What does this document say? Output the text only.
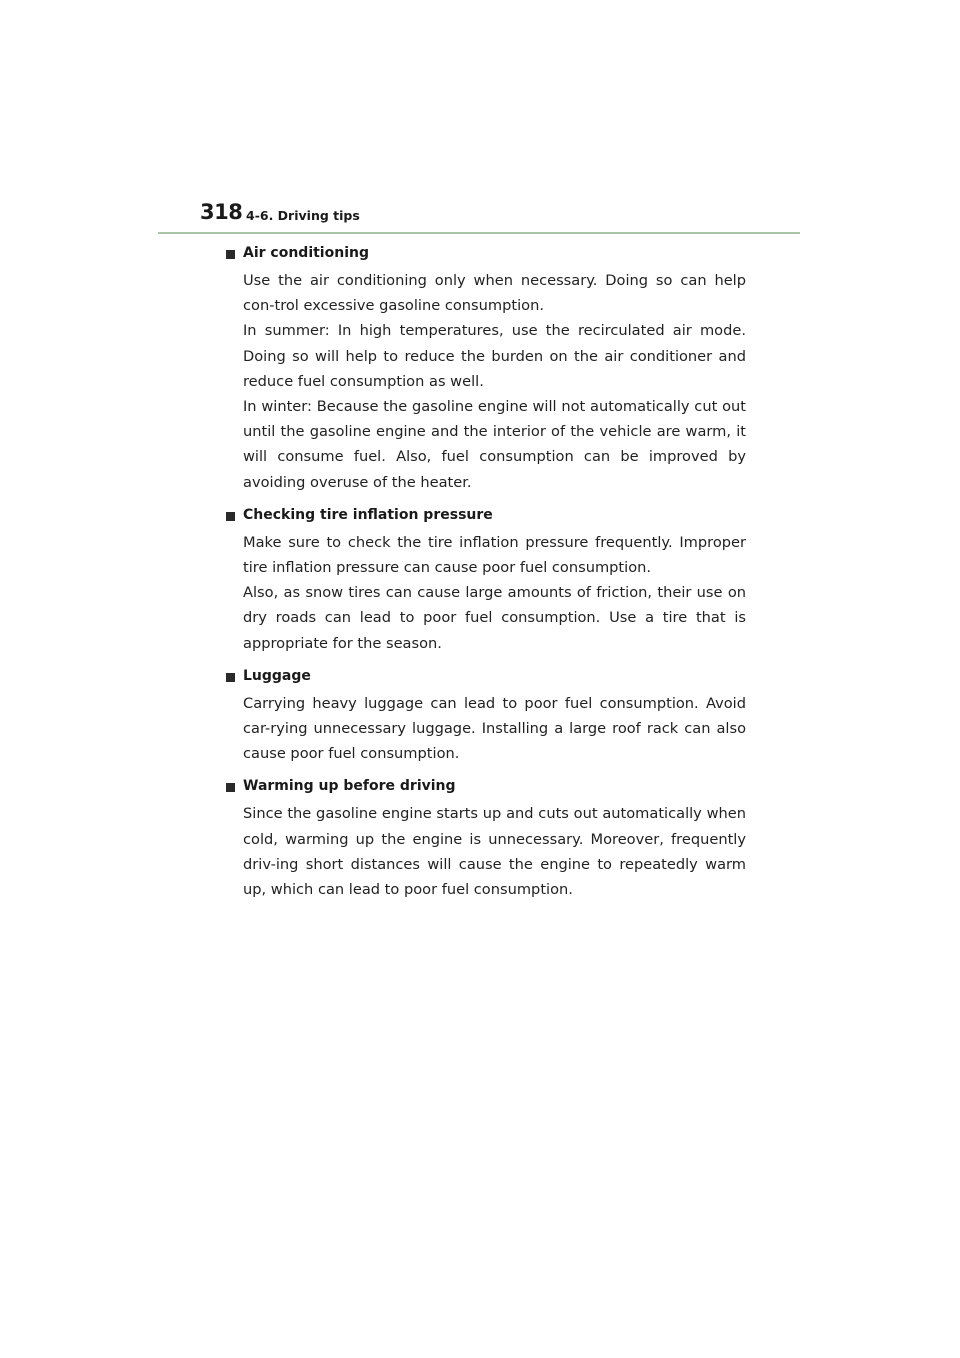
318 4-6. Driving tips
Air conditioning

Use the air conditioning only when necessary. Doing so can help con-trol excessive gasoline consumption.

In summer: In high temperatures, use the recirculated air mode. Doing so will help to reduce the burden on the air conditioner and reduce fuel consumption as well.

In winter: Because the gasoline engine will not automatically cut out until the gasoline engine and the interior of the vehicle are warm, it will consume fuel. Also, fuel consumption can be improved by avoiding overuse of the heater.

Checking tire inflation pressure

Make sure to check the tire inflation pressure frequently. Improper tire inflation pressure can cause poor fuel consumption.

Also, as snow tires can cause large amounts of friction, their use on dry roads can lead to poor fuel consumption. Use a tire that is appropriate for the season.

Luggage

Carrying heavy luggage can lead to poor fuel consumption. Avoid car-rying unnecessary luggage. Installing a large roof rack can also cause poor fuel consumption.

Warming up before driving

Since the gasoline engine starts up and cuts out automatically when cold, warming up the engine is unnecessary. Moreover, frequently driv-ing short distances will cause the engine to repeatedly warm up, which can lead to poor fuel consumption.
